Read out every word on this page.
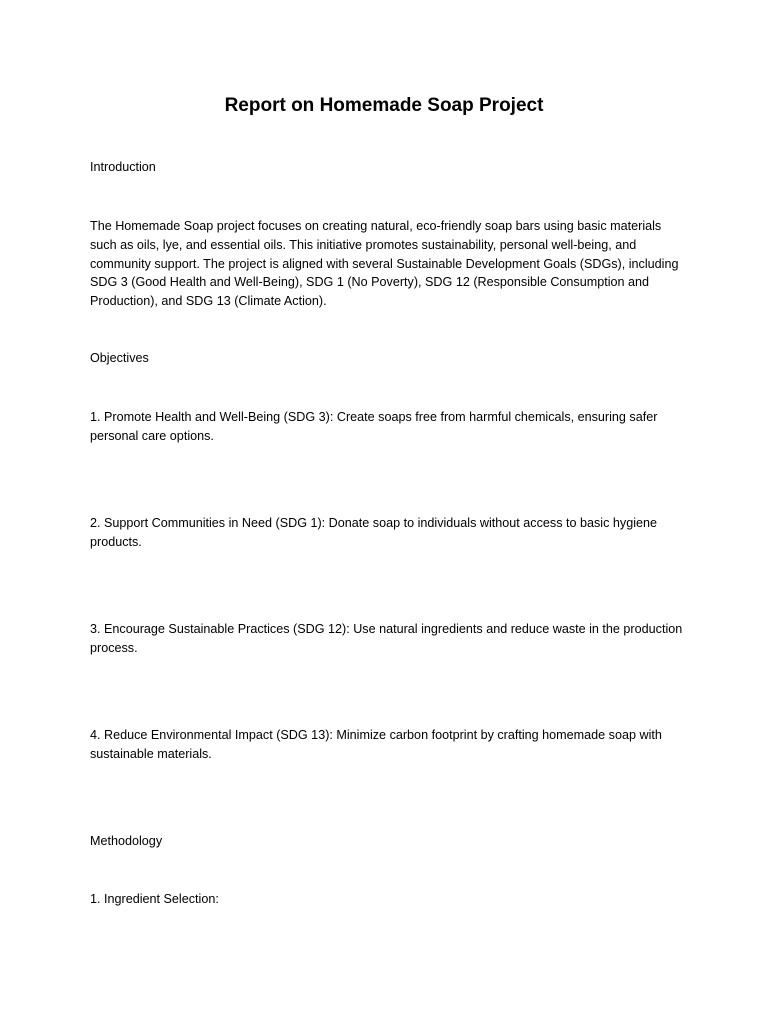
Report on Homemade Soap Project

Introduction

The Homemade Soap project focuses on creating natural, eco-friendly soap bars using basic materials such as oils, lye, and essential oils. This initiative promotes sustainability, personal well-being, and community support. The project is aligned with several Sustainable Development Goals (SDGs), including SDG 3 (Good Health and Well-Being), SDG 1 (No Poverty), SDG 12 (Responsible Consumption and Production), and SDG 13 (Climate Action).

Objectives

1. Promote Health and Well-Being (SDG 3): Create soaps free from harmful chemicals, ensuring safer personal care options.

2. Support Communities in Need (SDG 1): Donate soap to individuals without access to basic hygiene products.

3. Encourage Sustainable Practices (SDG 12): Use natural ingredients and reduce waste in the production process.

4. Reduce Environmental Impact (SDG 13): Minimize carbon footprint by crafting homemade soap with sustainable materials.

Methodology

1. Ingredient Selection:
